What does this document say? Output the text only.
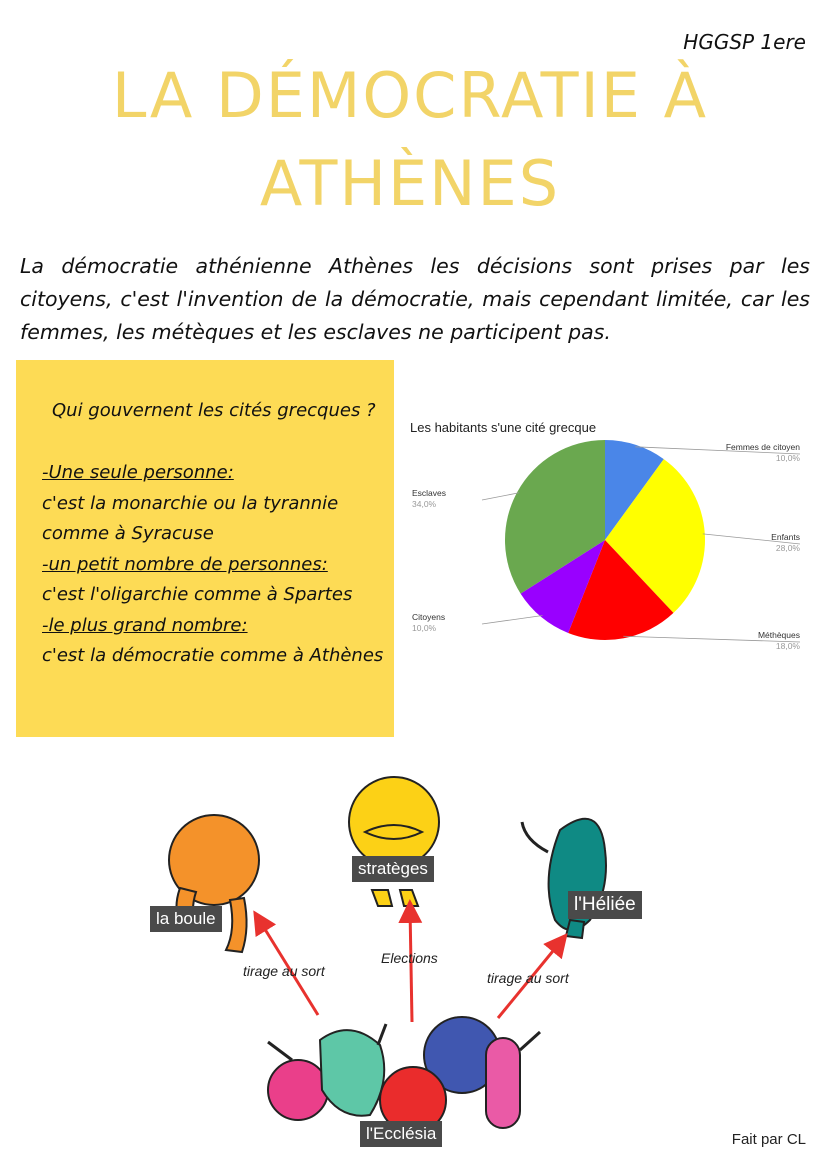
HGGSP 1ere
LA DÉMOCRATIE À
ATHÈNES

La démocratie athénienne Athènes les décisions sont prises par les citoyens, c'est l'invention de la démocratie, mais cependant limitée, car les femmes, les métèques et les esclaves ne participent pas.

Qui gouvernent les cités grecques ?
-Une seule personne:
c'est la monarchie ou la tyrannie comme à Syracuse
-un petit nombre de personnes:
c'est l'oligarchie comme à Spartes
-le plus grand nombre:
c'est la démocratie comme à Athènes
Les habitants s'une cité grecque
Femmes de citoyen
10,0%
Enfants
28,0%
Méthèques
18,0%
Citoyens
10,0%
Esclaves
34,0%
la boule
stratèges
l'Héliée
l'Ecclésia
tirage au sort
Elections
tirage au sort
Fait par CL
